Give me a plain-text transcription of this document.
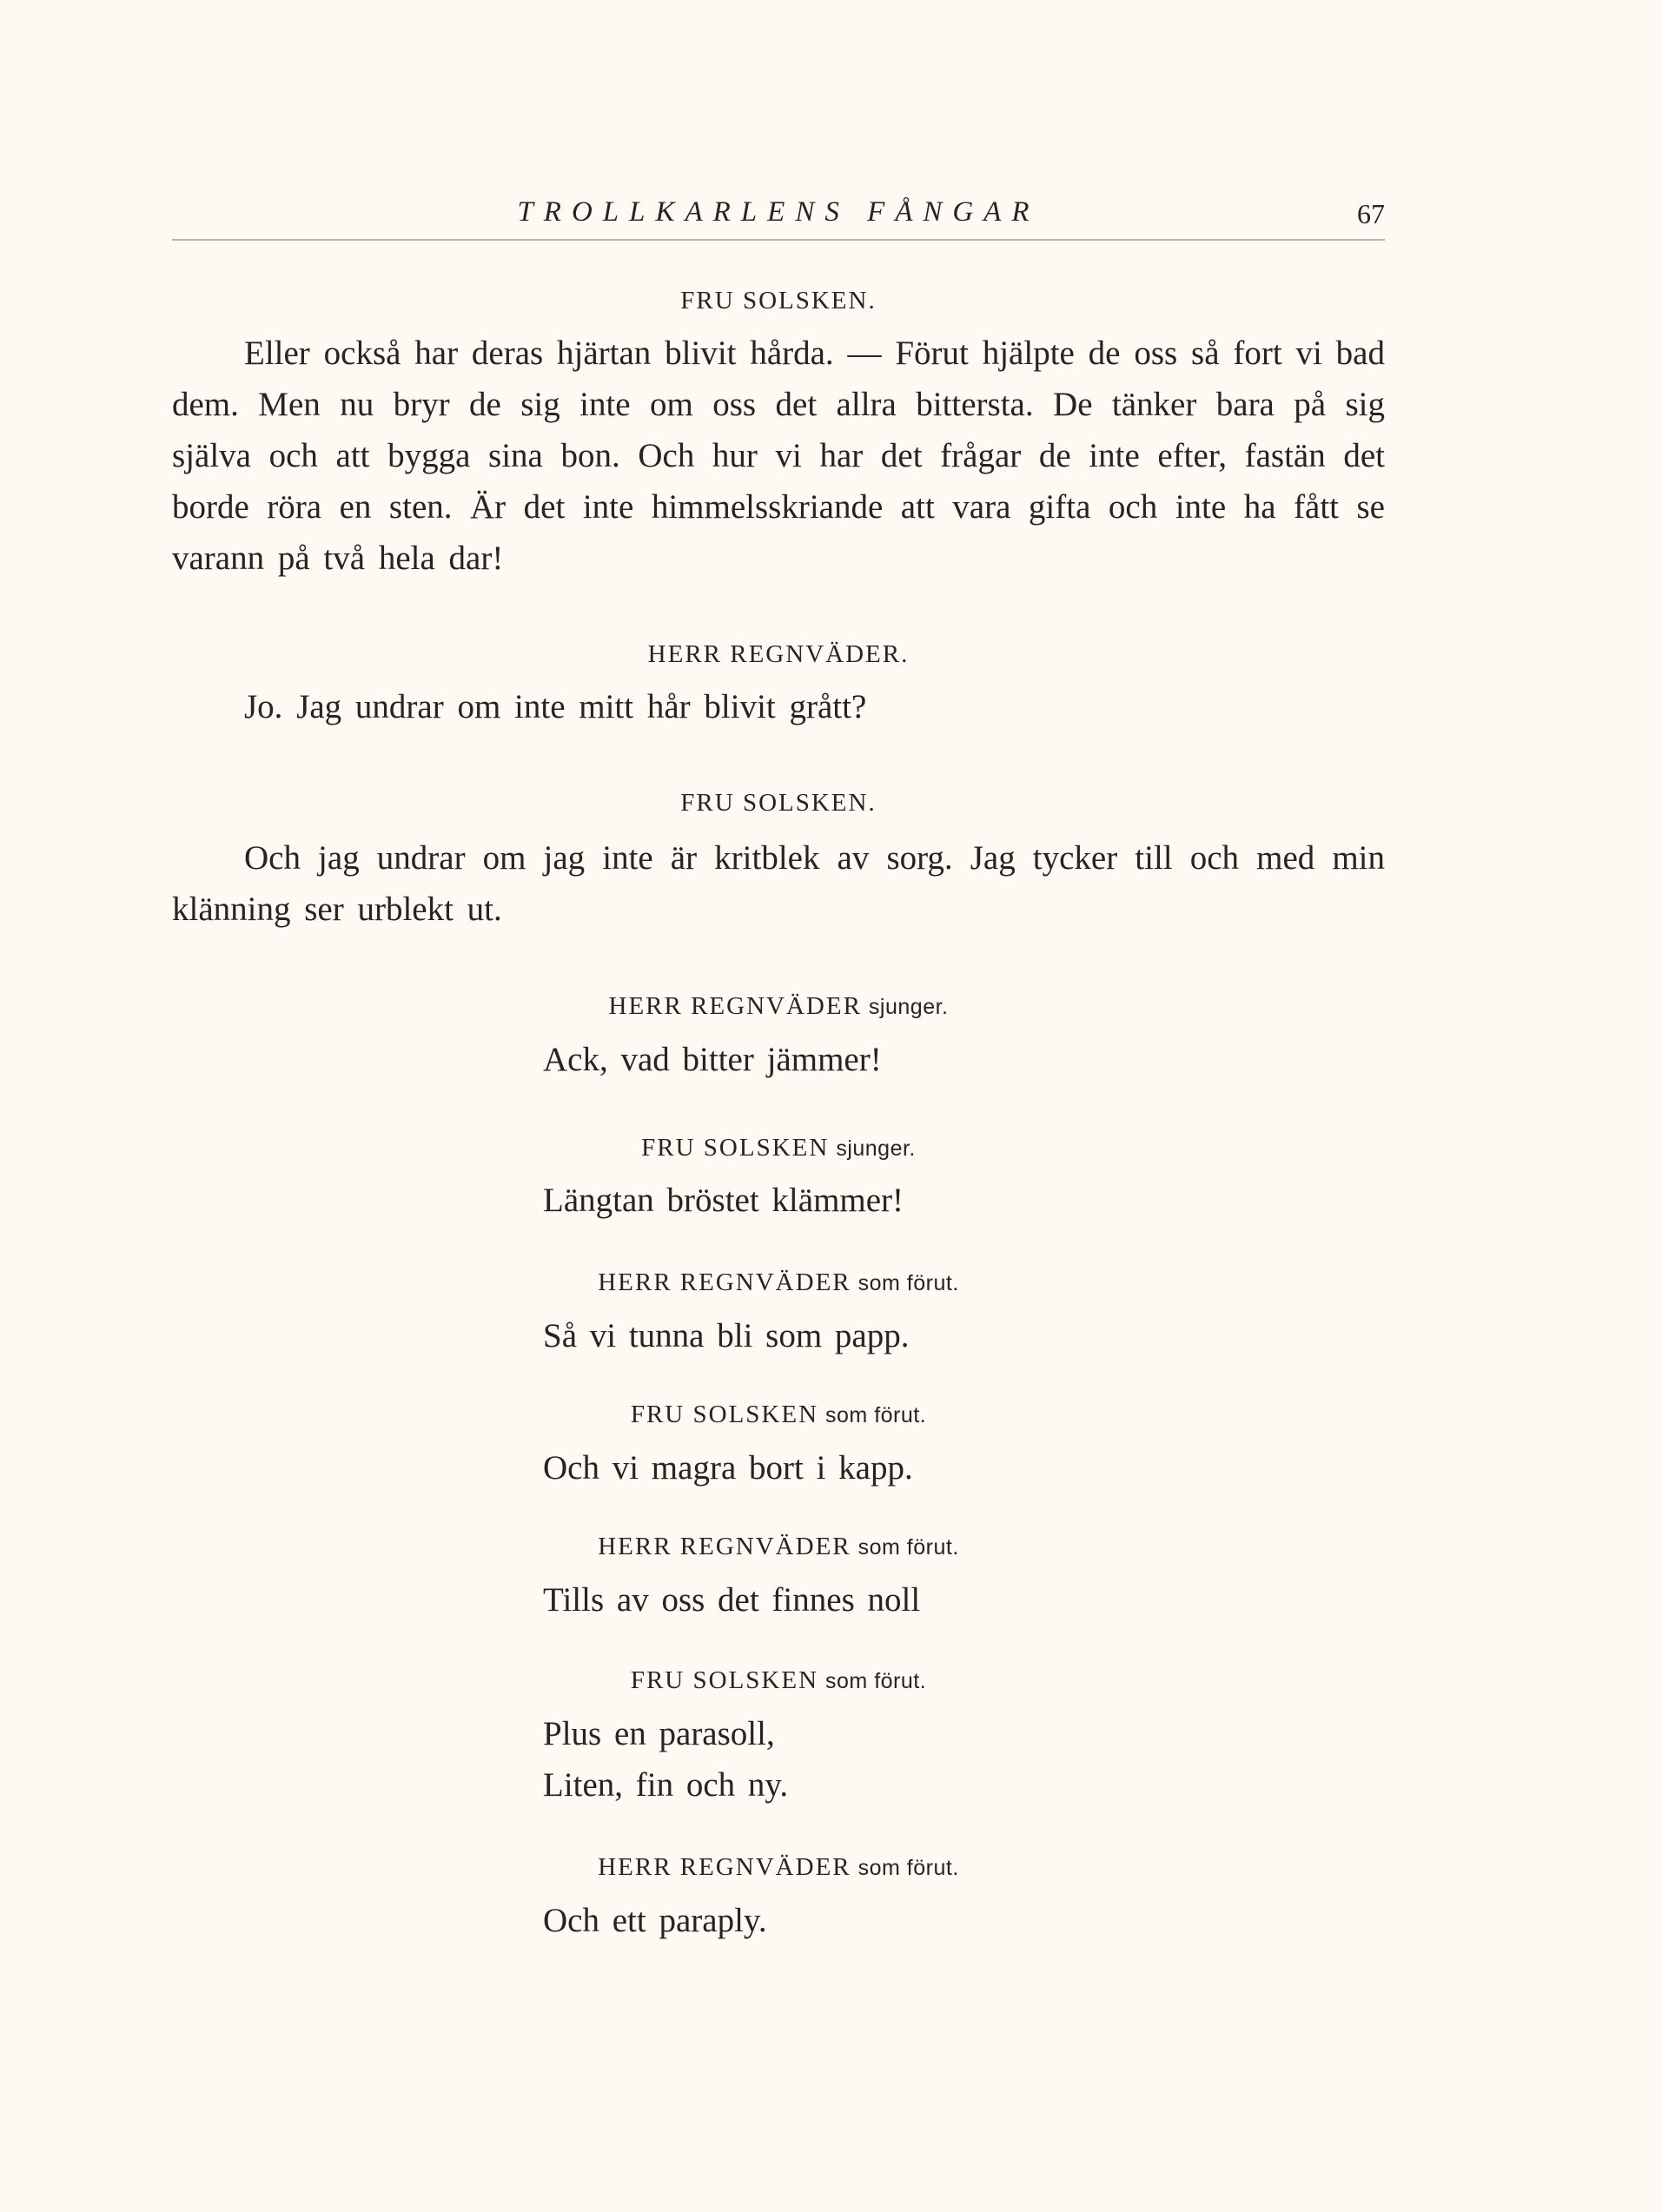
TROLLKARLENS FÅNGAR	67
FRU SOLSKEN.
Eller också har deras hjärtan blivit hårda. — Förut hjälpte de oss så fort vi bad dem. Men nu bryr de sig inte om oss det allra bittersta. De tänker bara på sig själva och att bygga sina bon. Och hur vi har det frågar de inte efter, fastän det borde röra en sten. Är det inte himmelsskriande att vara gifta och inte ha fått se varann på två hela dar!
HERR REGNVÄDER.
Jo. Jag undrar om inte mitt hår blivit grått?
FRU SOLSKEN.
Och jag undrar om jag inte är kritblek av sorg. Jag tycker till och med min klänning ser urblekt ut.
HERR REGNVÄDER sjunger.
Ack, vad bitter jämmer!
FRU SOLSKEN sjunger.
Längtan bröstet klämmer!
HERR REGNVÄDER som förut.
Så vi tunna bli som papp.
FRU SOLSKEN som förut.
Och vi magra bort i kapp.
HERR REGNVÄDER som förut.
Tills av oss det finnes noll
FRU SOLSKEN som förut.
Plus en parasoll,
Liten, fin och ny.
HERR REGNVÄDER som förut.
Och ett paraply.
